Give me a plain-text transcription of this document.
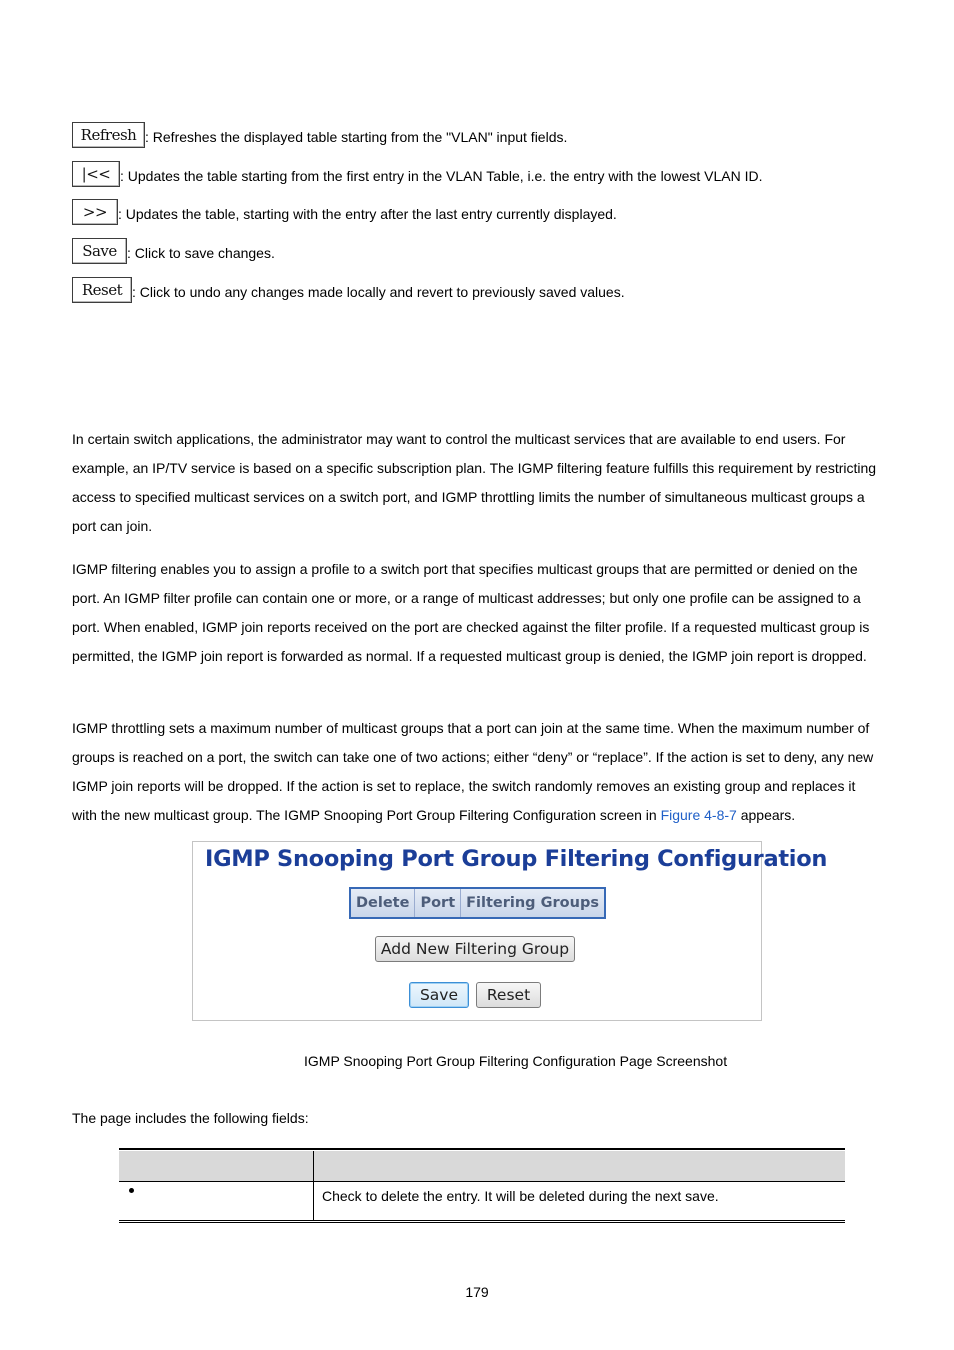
Refresh : Refreshes the displayed table starting from the "VLAN" input fields.
|<< : Updates the table starting from the first entry in the VLAN Table, i.e. the entry with the lowest VLAN ID.
>> : Updates the table, starting with the entry after the last entry currently displayed.
Save : Click to save changes.
Reset : Click to undo any changes made locally and revert to previously saved values.

In certain switch applications, the administrator may want to control the multicast services that are available to end users. For example, an IP/TV service is based on a specific subscription plan. The IGMP filtering feature fulfills this requirement by restricting access to specified multicast services on a switch port, and IGMP throttling limits the number of simultaneous multicast groups a port can join.

IGMP filtering enables you to assign a profile to a switch port that specifies multicast groups that are permitted or denied on the port. An IGMP filter profile can contain one or more, or a range of multicast addresses; but only one profile can be assigned to a port. When enabled, IGMP join reports received on the port are checked against the filter profile. If a requested multicast group is permitted, the IGMP join report is forwarded as normal. If a requested multicast group is denied, the IGMP join report is dropped.

IGMP throttling sets a maximum number of multicast groups that a port can join at the same time. When the maximum number of groups is reached on a port, the switch can take one of two actions; either “deny” or “replace”. If the action is set to deny, any new IGMP join reports will be dropped. If the action is set to replace, the switch randomly removes an existing group and replaces it with the new multicast group. The IGMP Snooping Port Group Filtering Configuration screen in Figure 4-8-7 appears.

IGMP Snooping Port Group Filtering Configuration
Delete Port Filtering Groups
Add New Filtering Group
Save	Reset
IGMP Snooping Port Group Filtering Configuration Page Screenshot
The page includes the following fields:
Check to delete the entry. It will be deleted during the next save.
179
